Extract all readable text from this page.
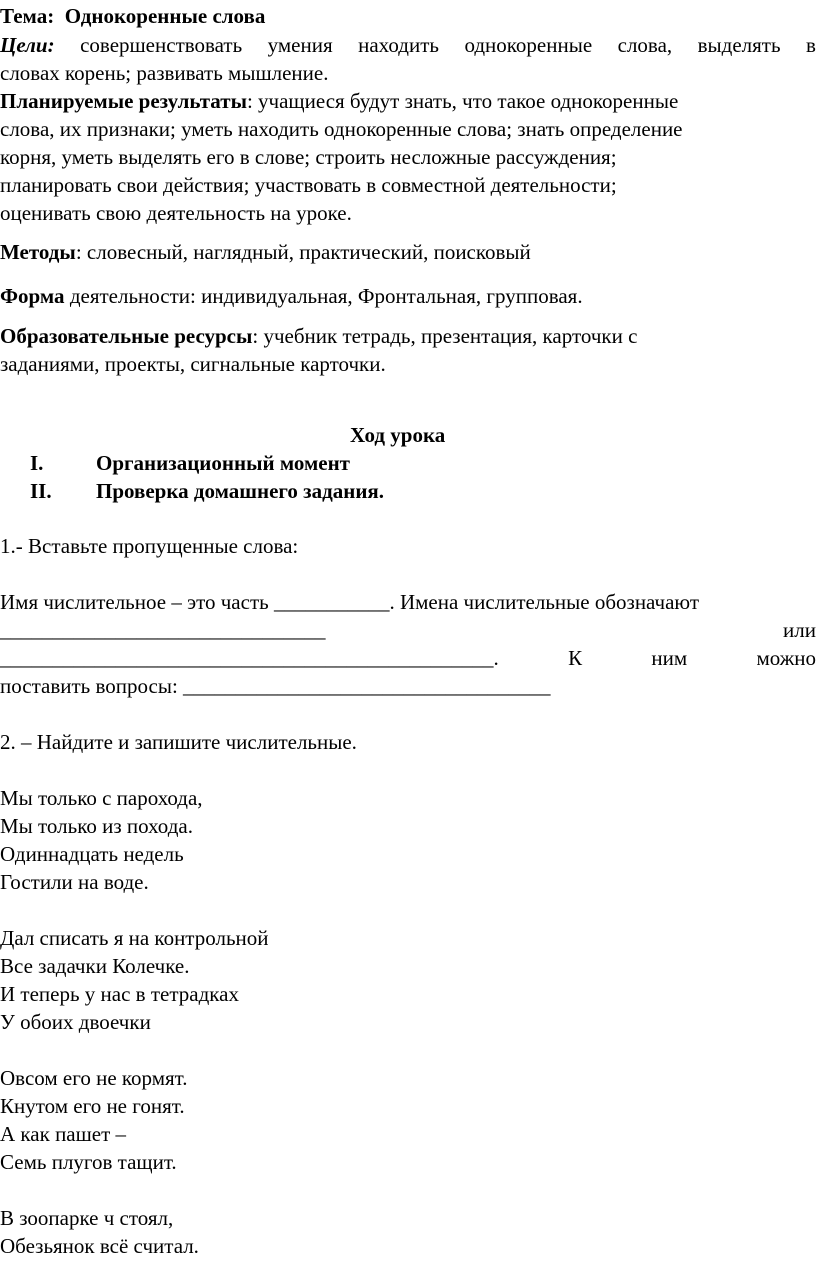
Тема: Однокоренные слова
Цели: совершенствовать умения находить однокоренные слова, выделять в
словах корень; развивать мышление.
Планируемые результаты: учащиеся будут знать, что такое однокоренные
слова, их признаки; уметь находить однокоренные слова; знать определение
корня, уметь выделять его в слове; строить несложные рассуждения;
планировать свои действия; участвовать в совместной деятельности;
оценивать свою деятельность на уроке.
Методы: словесный, наглядный, практический, поисковый
Форма деятельности: индивидуальная, Фронтальная, групповая.
Образовательные ресурсы: учебник тетрадь, презентация, карточки с
заданиями, проекты, сигнальные карточки.
Ход урока
I.	Организационный момент
II. Проверка домашнего задания.
1.- Вставьте пропущенные слова:
Имя числительное – это часть ___________. Имена числительные обозначают
_______________________________	или
_______________________________________________.	К	ним	можно
поставить вопросы: ___________________________________
2. – Найдите и запишите числительные.
Мы только с парохода,
Мы только из похода.
Одиннадцать недель
Гостили на воде.
Дал списать я на контрольной
Все задачки Колечке.
И теперь у нас в тетрадках
У обоих двоечки
Овсом его не кормят.
Кнутом его не гонят.
А как пашет –
Семь плугов тащит.
В зоопарке ч стоял,
Обезьянок всё считал.
